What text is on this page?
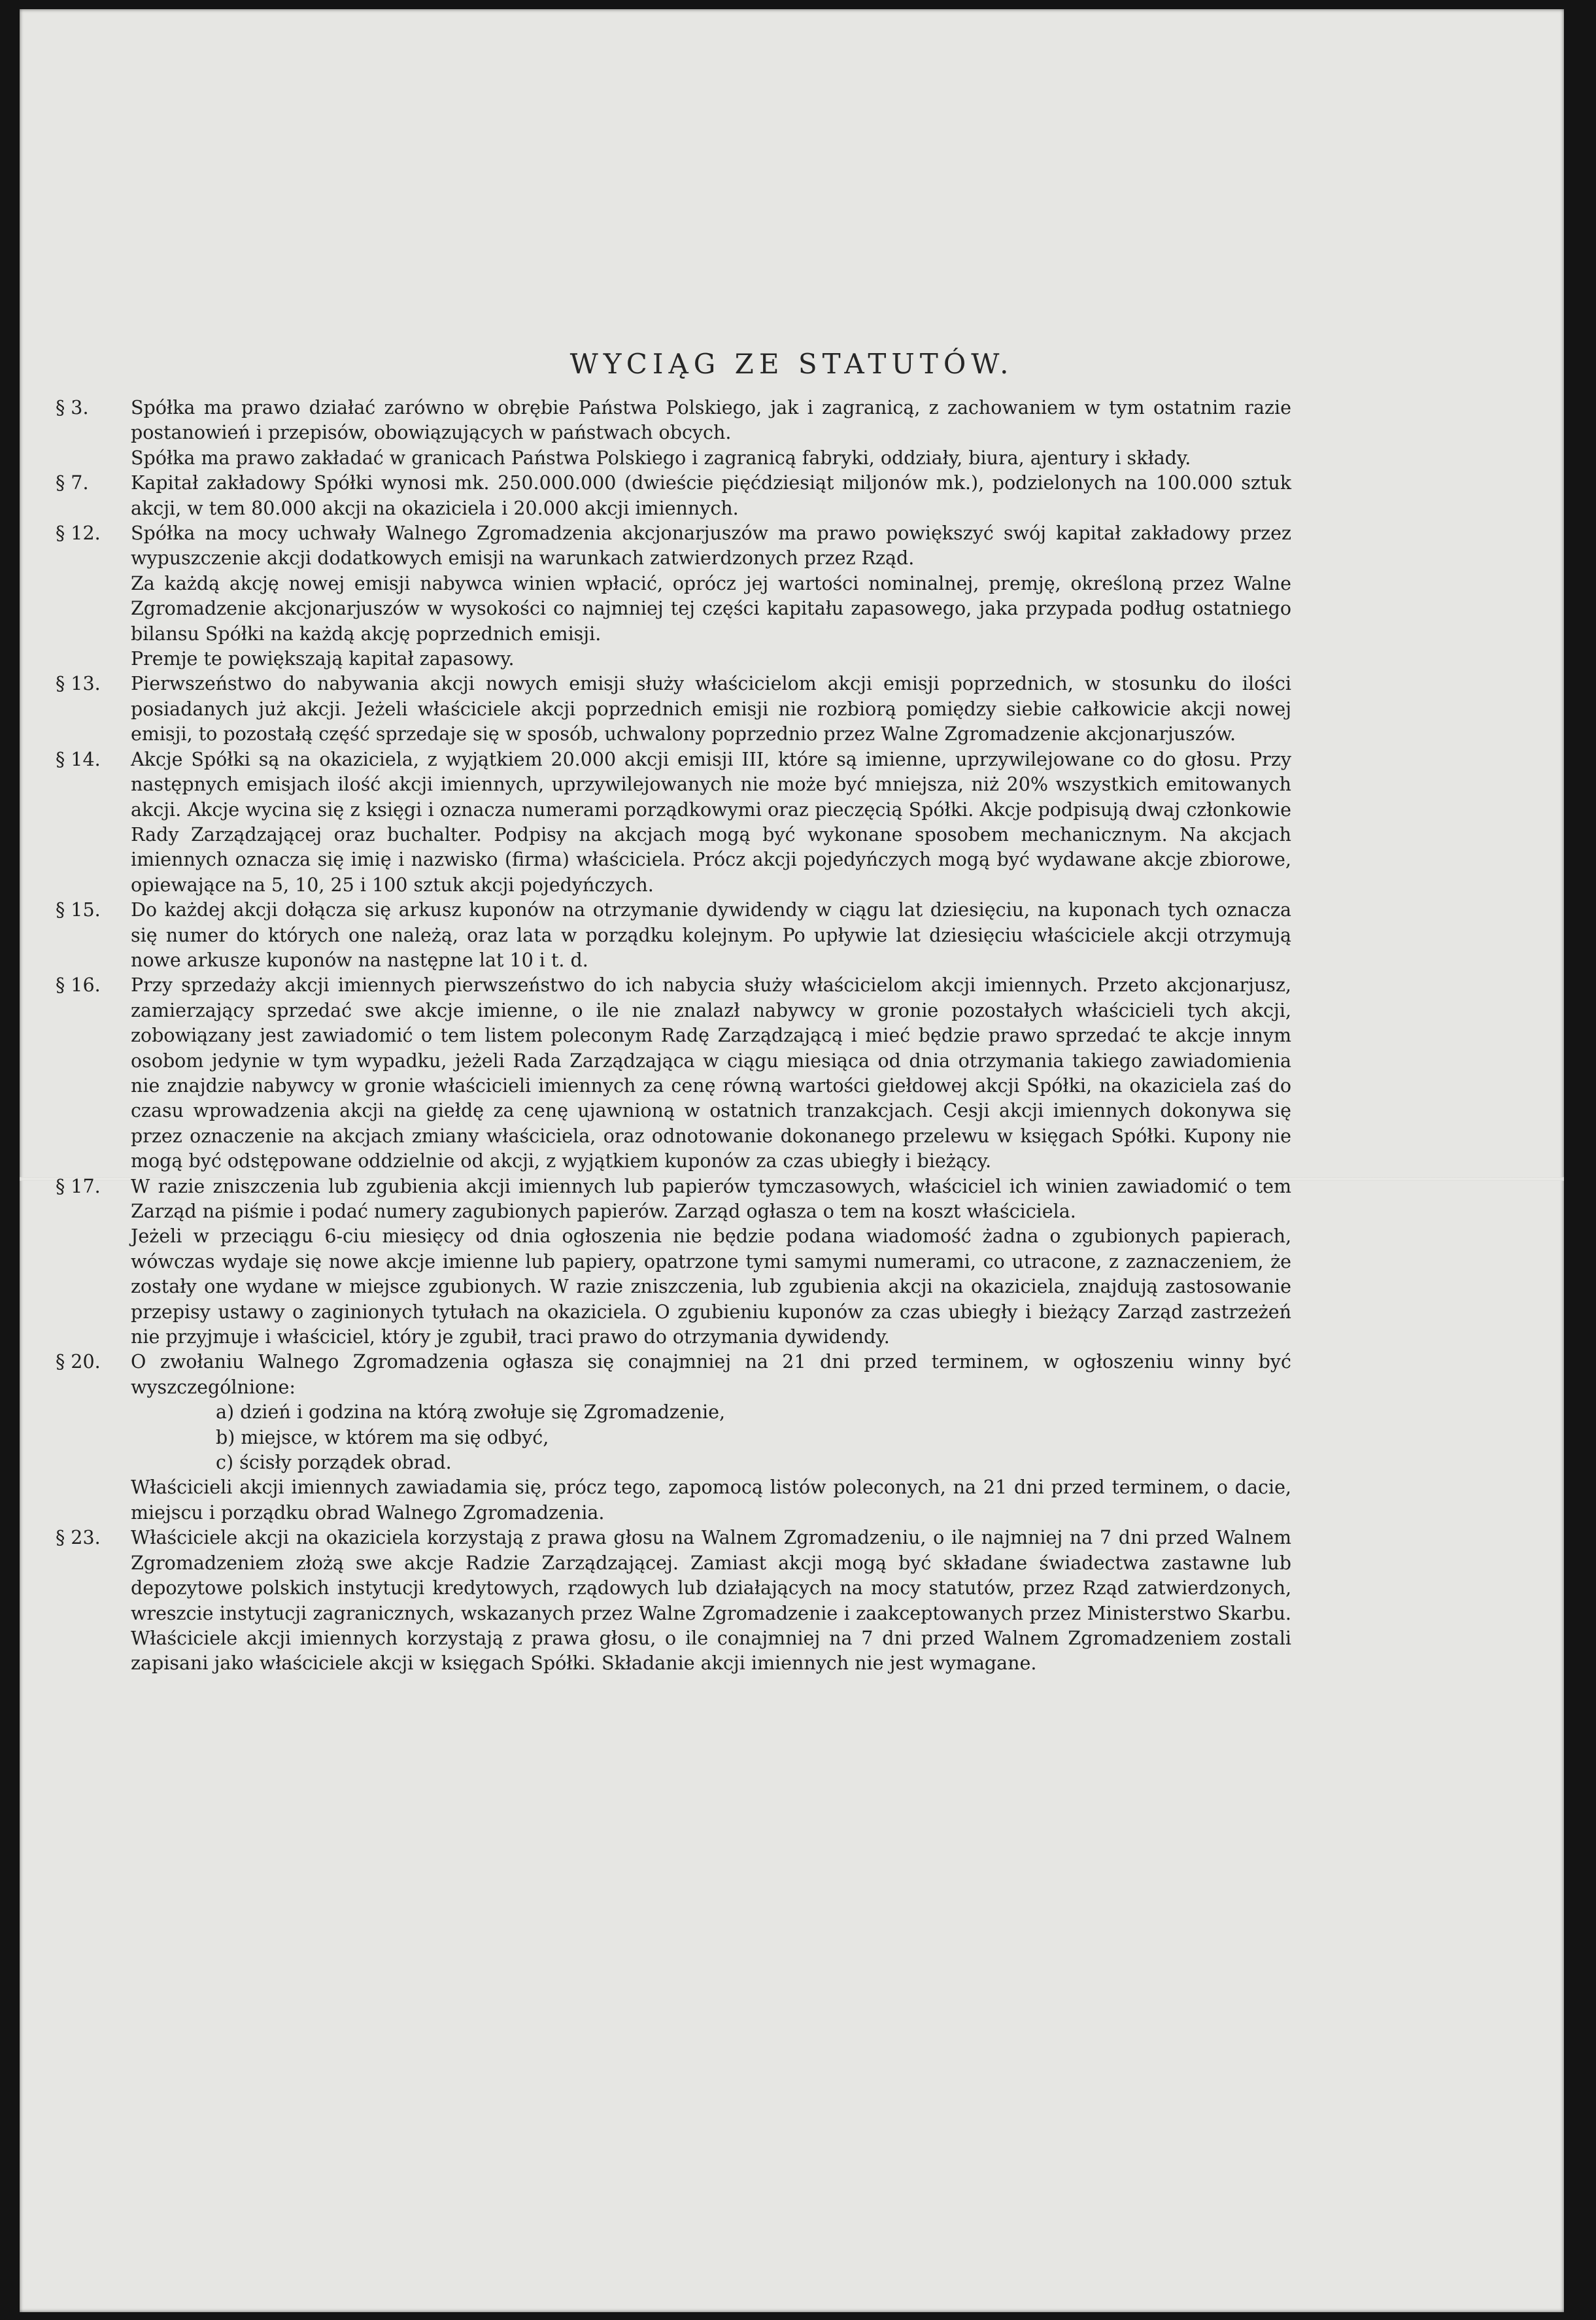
WYCIĄG ZE STATUTÓW.
§ 3.	Spółka ma prawo działać zarówno w obrębie Państwa Polskiego, jak i zagranicą, z zachowaniem w tym ostatnim razie postanowień i przepisów, obowiązujących w państwach obcych.

Spółka ma prawo zakładać w granicach Państwa Polskiego i zagranicą fabryki, oddziały, biura, ajentury i składy.

§ 7.	Kapitał zakładowy Spółki wynosi mk. 250.000.000 (dwieście pięćdziesiąt miljonów mk.), podzielonych na 100.000 sztuk akcji, w tem 80.000 akcji na okaziciela i 20.000 akcji imiennych.

§ 12.	Spółka na mocy uchwały Walnego Zgromadzenia akcjonarjuszów ma prawo powiększyć swój kapitał zakładowy przez wypuszczenie akcji dodatkowych emisji na warunkach zatwierdzonych przez Rząd.

Za każdą akcję nowej emisji nabywca winien wpłacić, oprócz jej wartości nominalnej, premję, określoną przez Walne Zgromadzenie akcjonarjuszów w wysokości co najmniej tej części kapitału zapasowego, jaka przypada podług ostatniego bilansu Spółki na każdą akcję poprzednich emisji.

Premje te powiększają kapitał zapasowy.

§ 13.	Pierwszeństwo do nabywania akcji nowych emisji służy właścicielom akcji emisji poprzednich, w stosunku do ilości posiadanych już akcji. Jeżeli właściciele akcji poprzednich emisji nie rozbiorą pomiędzy siebie całkowicie akcji nowej emisji, to pozostałą część sprzedaje się w sposób, uchwalony poprzednio przez Walne Zgromadzenie akcjonarjuszów.

§ 14.	Akcje Spółki są na okaziciela, z wyjątkiem 20.000 akcji emisji III, które są imienne, uprzywilejowane co do głosu. Przy następnych emisjach ilość akcji imiennych, uprzywilejowanych nie może być mniejsza, niż 20% wszystkich emitowanych akcji. Akcje wycina się z księgi i oznacza numerami porządkowymi oraz pieczęcią Spółki. Akcje podpisują dwaj członkowie Rady Zarządzającej oraz buchalter. Podpisy na akcjach mogą być wykonane sposobem mechanicznym. Na akcjach imiennych oznacza się imię i nazwisko (firma) właściciela. Prócz akcji pojedyńczych mogą być wydawane akcje zbiorowe, opiewające na 5, 10, 25 i 100 sztuk akcji pojedyńczych.

§ 15.	Do każdej akcji dołącza się arkusz kuponów na otrzymanie dywidendy w ciągu lat dziesięciu, na kuponach tych oznacza się numer do których one należą, oraz lata w porządku kolejnym. Po upływie lat dziesięciu właściciele akcji otrzymują nowe arkusze kuponów na następne lat 10 i t. d.

§ 16.	Przy sprzedaży akcji imiennych pierwszeństwo do ich nabycia służy właścicielom akcji imiennych. Przeto akcjonarjusz, zamierzający sprzedać swe akcje imienne, o ile nie znalazł nabywcy w gronie pozostałych właścicieli tych akcji, zobowiązany jest zawiadomić o tem listem poleconym Radę Zarządzającą i mieć będzie prawo sprzedać te akcje innym osobom jedynie w tym wypadku, jeżeli Rada Zarządzająca w ciągu miesiąca od dnia otrzymania takiego zawiadomienia nie znajdzie nabywcy w gronie właścicieli imiennych za cenę równą wartości giełdowej akcji Spółki, na okaziciela zaś do czasu wprowadzenia akcji na giełdę za cenę ujawnioną w ostatnich tranzakcjach. Cesji akcji imiennych dokonywa się przez oznaczenie na akcjach zmiany właściciela, oraz odnotowanie dokonanego przelewu w księgach Spółki. Kupony nie mogą być odstępowane oddzielnie od akcji, z wyjątkiem kuponów za czas ubiegły i bieżący.

§ 17.	W razie zniszczenia lub zgubienia akcji imiennych lub papierów tymczasowych, właściciel ich winien zawiadomić o tem Zarząd na piśmie i podać numery zagubionych papierów. Zarząd ogłasza o tem na koszt właściciela.

Jeżeli w przeciągu 6-ciu miesięcy od dnia ogłoszenia nie będzie podana wiadomość żadna o zgubionych papierach, wówczas wydaje się nowe akcje imienne lub papiery, opatrzone tymi samymi numerami, co utracone, z zaznaczeniem, że zostały one wydane w miejsce zgubionych. W razie zniszczenia, lub zgubienia akcji na okaziciela, znajdują zastosowanie przepisy ustawy o zaginionych tytułach na okaziciela. O zgubieniu kuponów za czas ubiegły i bieżący Zarząd zastrzeżeń nie przyjmuje i właściciel, który je zgubił, traci prawo do otrzymania dywidendy.

§ 20.	O zwołaniu Walnego Zgromadzenia ogłasza się conajmniej na 21 dni przed terminem, w ogłoszeniu winny być wyszczególnione:

a) dzień i godzina na którą zwołuje się Zgromadzenie,
b) miejsce, w którem ma się odbyć,
c) ścisły porządek obrad.

Właścicieli akcji imiennych zawiadamia się, prócz tego, zapomocą listów poleconych, na 21 dni przed terminem, o dacie, miejscu i porządku obrad Walnego Zgromadzenia.

§ 23.	Właściciele akcji na okaziciela korzystają z prawa głosu na Walnem Zgromadzeniu, o ile najmniej na 7 dni przed Walnem Zgromadzeniem złożą swe akcje Radzie Zarządzającej. Zamiast akcji mogą być składane świadectwa zastawne lub depozytowe polskich instytucji kredytowych, rządowych lub działających na mocy statutów, przez Rząd zatwierdzonych, wreszcie instytucji zagranicznych, wskazanych przez Walne Zgromadzenie i zaakceptowanych przez Ministerstwo Skarbu. Właściciele akcji imiennych korzystają z prawa głosu, o ile conajmniej na 7 dni przed Walnem Zgromadzeniem zostali zapisani jako właściciele akcji w księgach Spółki. Składanie akcji imiennych nie jest wymagane.
